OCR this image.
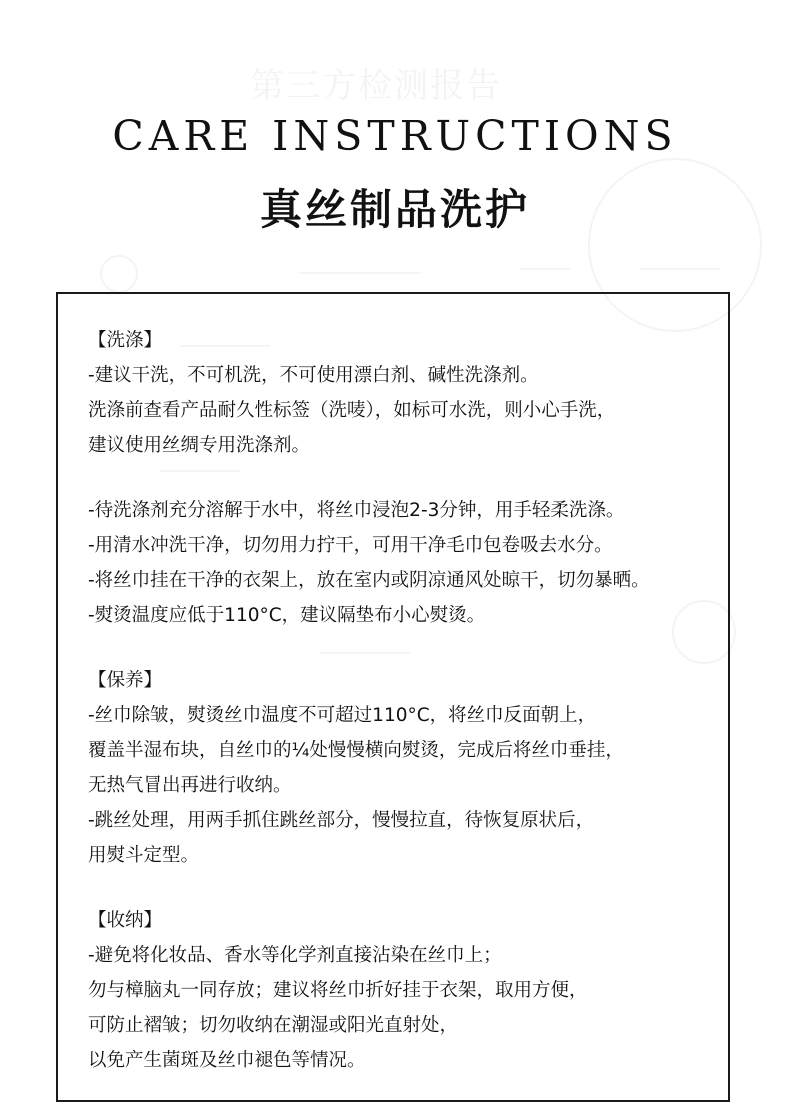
第三方检测报告
CARE INSTRUCTIONS
真丝制品洗护
【洗涤】
-建议干洗，不可机洗，不可使用漂白剂、碱性洗涤剂。
洗涤前查看产品耐久性标签（洗唛），如标可水洗，则小心手洗，
建议使用丝绸专用洗涤剂。
-待洗涤剂充分溶解于水中，将丝巾浸泡2-3分钟，用手轻柔洗涤。
-用清水冲洗干净，切勿用力拧干，可用干净毛巾包卷吸去水分。
-将丝巾挂在干净的衣架上，放在室内或阴凉通风处晾干，切勿暴晒。
-熨烫温度应低于110°C，建议隔垫布小心熨烫。
【保养】
-丝巾除皱，熨烫丝巾温度不可超过110°C，将丝巾反面朝上，
覆盖半湿布块，自丝巾的¼处慢慢横向熨烫，完成后将丝巾垂挂，
无热气冒出再进行收纳。
-跳丝处理，用两手抓住跳丝部分，慢慢拉直，待恢复原状后，
用熨斗定型。
【收纳】
-避免将化妆品、香水等化学剂直接沾染在丝巾上；
勿与樟脑丸一同存放；建议将丝巾折好挂于衣架，取用方便，
可防止褶皱；切勿收纳在潮湿或阳光直射处，
以免产生菌斑及丝巾褪色等情况。
